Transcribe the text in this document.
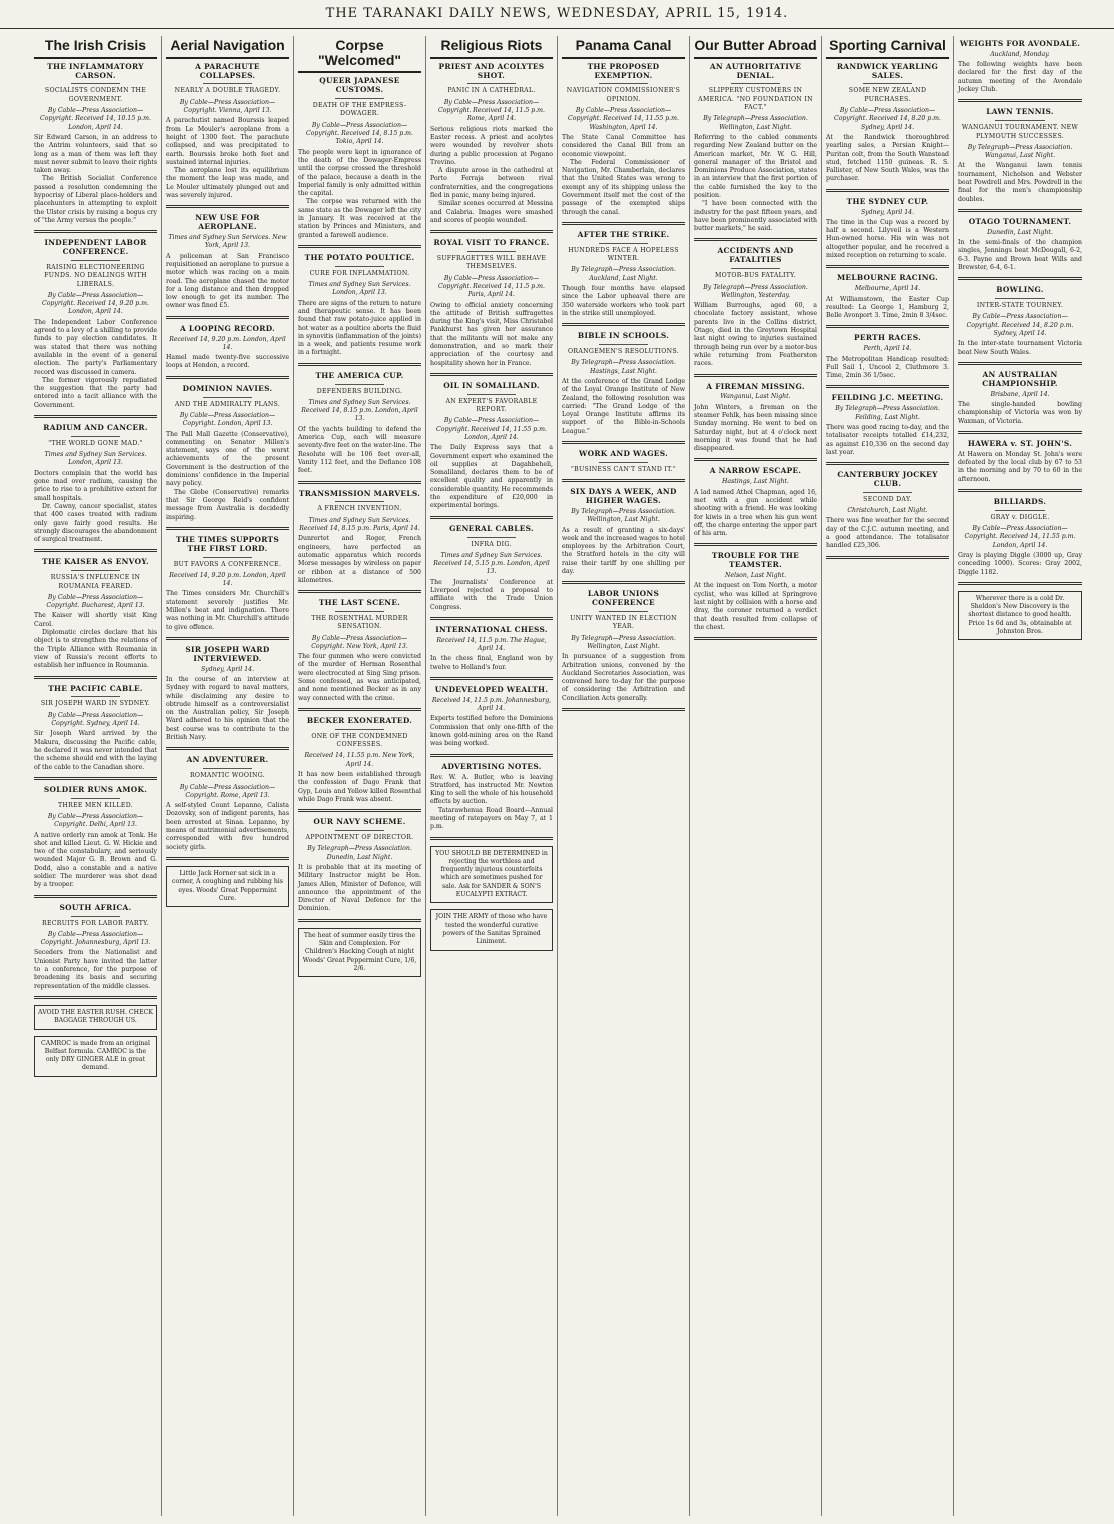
THE TARANAKI DAILY NEWS, WEDNESDAY, APRIL 15, 1914.
The Irish Crisis
THE INFLAMMATORY CARSON.
SOCIALISTS CONDEMN THE GOVERNMENT.
By Cable—Press Association—Copyright. Received 14, 10.15 p.m. London, April 14.

Sir Edward Carson, in an address to the Antrim volunteers, said that so long as a man of them was left they must never submit to leave their rights taken away.

The British Socialist Conference passed a resolution condemning the hypocrisy of Liberal place-holders and placehunters in attempting to exploit the Ulster crisis by raising a bogus cry of "the Army versus the people."

INDEPENDENT LABOR CONFERENCE.
RAISING ELECTIONEERING FUNDS. NO DEALINGS WITH LIBERALS.
By Cable—Press Association—Copyright. Received 14, 9.20 p.m. London, April 14.

The Independent Labor Conference agreed to a levy of a shilling to provide funds to pay election candidates. It was stated that there was nothing available in the event of a general election. The party's Parliamentary record was discussed in camera.

The former vigorously repudiated the suggestion that the party had entered into a tacit alliance with the Government.

RADIUM AND CANCER.
"THE WORLD GONE MAD."
Times and Sydney Sun Services. London, April 13.

Doctors complain that the world has gone mad over radium, causing the price to rise to a prohibitive extent for small hospitals.

Dr. Cawny, cancer specialist, states that 400 cases treated with radium only gave fairly good results. He strongly discourages the abandonment of surgical treatment.

THE KAISER AS ENVOY.
RUSSIA'S INFLUENCE IN ROUMANIA FEARED.
By Cable—Press Association—Copyright. Bucharest, April 13.

The Kaiser will shortly visit King Carol.

Diplomatic circles declare that his object is to strengthen the relations of the Triple Alliance with Roumania in view of Russia's recent efforts to establish her influence in Roumania.

THE PACIFIC CABLE.
SIR JOSEPH WARD IN SYDNEY.
By Cable—Press Association—Copyright. Sydney, April 14.

Sir Joseph Ward arrived by the Makura, discussing the Pacific cable, he declared it was never intended that the scheme should end with the laying of the cable to the Canadian shore.

SOLDIER RUNS AMOK.
THREE MEN KILLED.
By Cable—Press Association—Copyright. Delhi, April 13.

A native orderly ran amok at Tonk. He shot and killed Lieut. G. W. Hickie and two of the constabulary, and seriously wounded Major G. B. Brown and G. Dodd, also a constable and a native soldier. The murderer was shot dead by a trooper.

SOUTH AFRICA.
RECRUITS FOR LABOR PARTY.
By Cable—Press Association—Copyright. Johannesburg, April 13.

Seceders from the Nationalist and Unionist Party have invited the latter to a conference, for the purpose of broadening its basis and securing representation of the middle classes.

AVOID THE EASTER RUSH. CHECK BAGGAGE THROUGH US.
CAMROC is made from an original Belfast formula. CAMROC is the only DRY GINGER ALE in great demand.
Aerial Navigation
A PARACHUTE COLLAPSES.
NEARLY A DOUBLE TRAGEDY.
By Cable—Press Association—Copyright. Vienna, April 13.

A parachutist named Bourssis leaped from Le Mouler's aeroplane from a height of 1300 feet. The parachute collapsed, and was precipitated to earth. Bourssis broke both feet and sustained internal injuries.

The aeroplane lost its equilibrium the moment the leap was made, and Le Mouler ultimately plunged out and was severely injured.

NEW USE FOR AEROPLANE.
Times and Sydney Sun Services. New York, April 13.

A policeman at San Francisco requisitioned an aeroplane to pursue a motor which was racing on a main road. The aeroplane chased the motor for a long distance and then dropped low enough to get its number. The owner was fined £5.

A LOOPING RECORD.
Received 14, 9.20 p.m. London, April 14.

Hamel made twenty-five successive loops at Hendon, a record.

DOMINION NAVIES.
AND THE ADMIRALTY PLANS.
By Cable—Press Association—Copyright. London, April 13.

The Pall Mall Gazette (Conservative), commenting on Senator Millen's statement, says one of the worst achievements of the present Government is the destruction of the dominions' confidence in the Imperial navy policy.

The Globe (Conservative) remarks that Sir George Reid's confident message from Australia is decidedly inspiring.

THE TIMES SUPPORTS THE FIRST LORD.
BUT FAVORS A CONFERENCE.
Received 14, 9.20 p.m. London, April 14.

The Times considers Mr. Churchill's statement severely justifies Mr. Millen's beat and indignation. There was nothing in Mr. Churchill's attitude to give offence.

SIR JOSEPH WARD INTERVIEWED.
Sydney, April 14.

In the course of an interview at Sydney with regard to naval matters, while disclaiming any desire to obtrude himself as a controversialist on the Australian policy, Sir Joseph Ward adhered to his opinion that the best course was to contribute to the British Navy.

AN ADVENTURER.
ROMANTIC WOOING.
By Cable—Press Association—Copyright. Rome, April 13.

A self-styled Count Lepanno, Calista Dozovsky, son of indigent parents, has been arrested at Sinaa. Lepanno, by means of matrimonial advertisements, corresponded with five hundred society girls.

Little Jack Horner sat sick in a corner, A coughing and rubbing his eyes. Woods' Great Peppermint Cure.
Corpse "Welcomed"
QUEER JAPANESE CUSTOMS.
DEATH OF THE EMPRESS-DOWAGER.
By Cable—Press Association—Copyright. Received 14, 8.15 p.m. Tokio, April 14.

The people were kept in ignorance of the death of the Dowager-Empress until the corpse crossed the threshold of the palace, because a death in the Imperial family is only admitted within the capital.

The corpse was returned with the same state as the Dowager left the city in January. It was received at the station by Princes and Ministers, and granted a farewell audience.

THE POTATO POULTICE.
CURE FOR INFLAMMATION.
Times and Sydney Sun Services. London, April 13.

There are signs of the return to nature and therapeutic sense. It has been found that raw potato-juice applied in hot water as a poultice aborts the fluid in synovitis (inflammation of the joints) in a week, and patients resume work in a fortnight.

THE AMERICA CUP.
DEFENDERS BUILDING.
Times and Sydney Sun Services. Received 14, 8.15 p.m. London, April 13.

Of the yachts building to defend the America Cup, each will measure seventy-five feet on the water-line. The Resolute will be 106 feet over-all, Vanity 112 feet, and the Defiance 108 feet.

TRANSMISSION MARVELS.
A FRENCH INVENTION.
Times and Sydney Sun Services. Received 14, 8.15 p.m. Paris, April 14.

Dunrertet and Roger, French engineers, have perfected an automatic apparatus which records Morse messages by wireless on paper or ribbon at a distance of 500 kilometres.

THE LAST SCENE.
THE ROSENTHAL MURDER SENSATION.
By Cable—Press Association—Copyright. New York, April 13.

The four gunmen who were convicted of the murder of Herman Rosenthal were electrocuted at Sing Sing prison. Some confessed, as was anticipated, and none mentioned Becker as in any way connected with the crime.

BECKER EXONERATED.
ONE OF THE CONDEMNED CONFESSES.
Received 14, 11.55 p.m. New York, April 14.

It has now been established through the confession of Dago Frank that Gyp, Louis and Yellow killed Rosenthal while Dago Frank was absent.

OUR NAVY SCHEME.
APPOINTMENT OF DIRECTOR.
By Telegraph—Press Association. Dunedin, Last Night.

It is probable that at its meeting of Military Instructor might be Hon. James Allen, Minister of Defence, will announce the appointment of the Director of Naval Defence for the Dominion.

The heat of summer easily tires the Skin and Complexion. For Children's Hacking Cough at night Woods' Great Peppermint Cure, 1/6, 2/6.
Religious Riots
PRIEST AND ACOLYTES SHOT.
PANIC IN A CATHEDRAL.
By Cable—Press Association—Copyright. Received 14, 11.5 p.m. Rome, April 14.

Serious religious riots marked the Easter recess. A priest and acolytes were wounded by revolver shots during a public procession at Pogano Trevino.

A dispute arose in the cathedral at Porto Ferraja between rival confraternities, and the congregations fled in panic, many being injured.

Similar scenes occurred at Messina and Calabria. Images were smashed and scores of people wounded.

ROYAL VISIT TO FRANCE.
SUFFRAGETTES WILL BEHAVE THEMSELVES.
By Cable—Press Association—Copyright. Received 14, 11.5 p.m. Paris, April 14.

Owing to official anxiety concerning the attitude of British suffragettes during the King's visit, Miss Christabel Pankhurst has given her assurance that the militants will not make any demonstration, and so mark their appreciation of the courtesy and hospitality shown her in France.

OIL IN SOMALILAND.
AN EXPERT'S FAVORABLE REPORT.
By Cable—Press Association—Copyright. Received 14, 11.55 p.m. London, April 14.

The Daily Express says that a Government expert who examined the oil supplies at Dagahbeheli, Somaliland, declares them to be of excellent quality and apparently in considerable quantity. He recommends the expenditure of £20,000 in experimental borings.

GENERAL CABLES.
INFRA DIG.
Times and Sydney Sun Services. Received 14, 5.15 p.m. London, April 13.

The Journalists' Conference at Liverpool rejected a proposal to affiliate with the Trade Union Congress.

INTERNATIONAL CHESS.
Received 14, 11.5 p.m. The Hague, April 14.

In the chess final, England won by twelve to Holland's four.

UNDEVELOPED WEALTH.
Received 14, 11.5 p.m. Johannesburg, April 14.

Experts testified before the Dominions Commission that only one-fifth of the known gold-mining area on the Rand was being worked.

ADVERTISING NOTES.

Rev. W. A. Butler, who is leaving Stratford, has instructed Mr. Newton King to sell the whole of his household effects by auction.

Tatarawhenua Road Board—Annual meeting of ratepayers on May 7, at 1 p.m.

YOU SHOULD BE DETERMINED in rejecting the worthless and frequently injurious counterfeits which are sometimes pushed for sale. Ask for SANDER & SON'S EUCALYPTI EXTRACT.
JOIN THE ARMY of those who have tested the wonderful curative powers of the Sanitas Sprained Liniment.
Panama Canal
THE PROPOSED EXEMPTION.
NAVIGATION COMMISSIONER'S OPINION.
By Cable—Press Association—Copyright. Received 14, 11.55 p.m. Washington, April 14.

The State Canal Committee has considered the Canal Bill from an economic viewpoint.

The Federal Commissioner of Navigation, Mr. Chamberlain, declares that the United States was wrong to exempt any of its shipping unless the Government itself met the cost of the passage of the exempted ships through the canal.

AFTER THE STRIKE.
HUNDREDS FACE A HOPELESS WINTER.
By Telegraph—Press Association. Auckland, Last Night.

Though four months have elapsed since the Labor upheaval there are 350 waterside workers who took part in the strike still unemployed.

BIBLE IN SCHOOLS.
ORANGEMEN'S RESOLUTIONS.
By Telegraph—Press Association. Hastings, Last Night.

At the conference of the Grand Lodge of the Loyal Orange Institute of New Zealand, the following resolution was carried: "The Grand Lodge of the Loyal Orange Institute affirms its support of the Bible-in-Schools League."

WORK AND WAGES.
"BUSINESS CAN'T STAND IT."
SIX DAYS A WEEK, AND HIGHER WAGES.
By Telegraph—Press Association. Wellington, Last Night.

As a result of granting a six-days' week and the increased wages to hotel employees by the Arbitration Court, the Stratford hotels in the city will raise their tariff by one shilling per day.

LABOR UNIONS CONFERENCE
UNITY WANTED IN ELECTION YEAR.
By Telegraph—Press Association. Wellington, Last Night.

In pursuance of a suggestion from Arbitration unions, convened by the Auckland Secretaries Association, was convened here to-day for the purpose of considering the Arbitration and Conciliation Acts generally.

Our Butter Abroad
AN AUTHORITATIVE DENIAL.
SLIPPERY CUSTOMERS IN AMERICA. "NO FOUNDATION IN FACT."
By Telegraph—Press Association. Wellington, Last Night.

Referring to the cabled comments regarding New Zealand butter on the American market, Mr. W. G. Hill, general manager of the Bristol and Dominions Produce Association, states in an interview that the first portion of the cable furnished the key to the position.

"I have been connected with the industry for the past fifteen years, and have been prominently associated with butter markets," he said.

ACCIDENTS AND FATALITIES
MOTOR-BUS FATALITY.
By Telegraph—Press Association. Wellington, Yesterday.

William Burroughs, aged 60, a chocolate factory assistant, whose parents live in the Collins district, Otago, died in the Greytown Hospital last night owing to injuries sustained through being run over by a motor-bus while returning from Featherston races.

A FIREMAN MISSING.
Wanganui, Last Night.

John Winters, a fireman on the steamer Fehlk, has been missing since Sunday morning. He went to bed on Saturday night, but at 4 o'clock next morning it was found that he had disappeared.

A NARROW ESCAPE.
Hastings, Last Night.

A lad named Athol Chapman, aged 16, met with a gun accident while shooting with a friend. He was looking for kiwis in a tree when his gun went off, the charge entering the upper part of his arm.

TROUBLE FOR THE TEAMSTER.
Nelson, Last Night.

At the inquest on Tom North, a motor cyclist, who was killed at Springrove last night by collision with a horse and dray, the coroner returned a verdict that death resulted from collapse of the chest.

Sporting Carnival
RANDWICK YEARLING SALES.
SOME NEW ZEALAND PURCHASES.
By Cable—Press Association—Copyright. Received 14, 8.20 p.m. Sydney, April 14.

At the Randwick thoroughbred yearling sales, a Persian Knight—Puritan colt, from the South Wanstead stud, fetched 1150 guineas. R. S. Fallister, of New South Wales, was the purchaser.

THE SYDNEY CUP.
Sydney, April 14.

The time in the Cup was a record by half a second. Lilyveil is a Western Hun-owned horse. His win was not altogether popular, and he received a mixed reception on returning to scale.

MELBOURNE RACING.
Melbourne, April 14.

At Williamstown, the Easter Cup resulted: La George 1, Hamburg 2, Belle Avonport 3. Time, 2min 8 3/4sec.

PERTH RACES.
Perth, April 14.

The Metropolitan Handicap resulted: Full Sail 1, Uncool 2, Cluthmore 3. Time, 2min 36 1/5sec.

FEILDING J.C. MEETING.
By Telegraph—Press Association. Feilding, Last Night.

There was good racing to-day, and the totalisator receipts totalled £14,232, as against £10,336 on the second day last year.

CANTERBURY JOCKEY CLUB.
SECOND DAY.
Christchurch, Last Night.

There was fine weather for the second day of the C.J.C. autumn meeting, and a good attendance. The totalisator handled £25,306.

WEIGHTS FOR AVONDALE.
Auckland, Monday.

The following weights have been declared for the first day of the autumn meeting of the Avondale Jockey Club.

LAWN TENNIS.
WANGANUI TOURNAMENT. NEW PLYMOUTH SUCCESSES.
By Telegraph—Press Association. Wanganui, Last Night.

At the Wanganui lawn tennis tournament, Nicholson and Webster beat Powdrell and Mrs. Powdrell in the final for the men's championship doubles.

OTAGO TOURNAMENT.
Dunedin, Last Night.

In the semi-finals of the champion singles, Jennings beat McDougall, 6-2, 6-3. Payne and Brown beat Wills and Brewster, 6-4, 6-1.

BOWLING.
INTER-STATE TOURNEY.
By Cable—Press Association—Copyright. Received 14, 8.20 p.m. Sydney, April 14.

In the inter-state tournament Victoria beat New South Wales.

AN AUSTRALIAN CHAMPIONSHIP.
Brisbane, April 14.

The single-handed bowling championship of Victoria was won by Waxman, of Victoria.

HAWERA v. ST. JOHN'S.

At Hawera on Monday St. John's were defeated by the local club by 67 to 53 in the morning and by 70 to 60 in the afternoon.

BILLIARDS.
GRAY v. DIGGLE.
By Cable—Press Association—Copyright. Received 14, 11.55 p.m. London, April 14.

Gray is playing Diggle (3000 up, Gray conceding 1000). Scores: Gray 2002, Diggle 1182.

Wherever there is a cold Dr. Sheldon's New Discovery is the shortest distance to good health. Price 1s 6d and 3s, obtainable at Johnston Bros.
